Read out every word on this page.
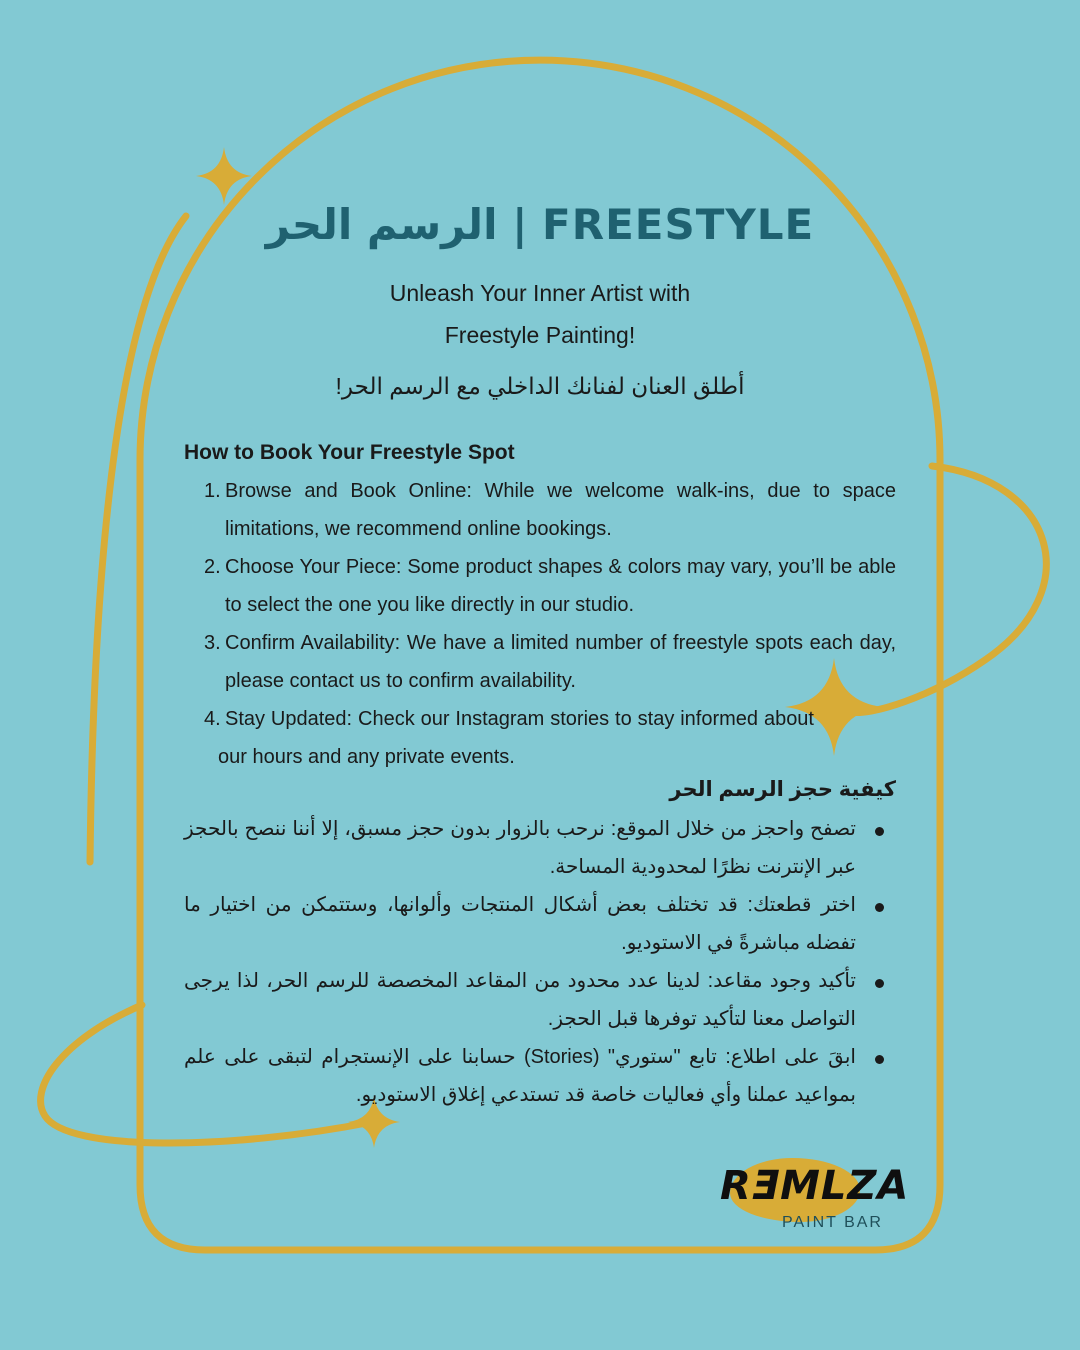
الرسم الحر | FREESTYLE
Unleash Your Inner Artist with
Freestyle Painting!
أطلق العنان لفنانك الداخلي مع الرسم الحر!
How to Book Your Freestyle Spot
1. Browse and Book Online: While we welcome walk-ins, due to space limitations, we recommend online bookings.
2. Choose Your Piece: Some product shapes & colors may vary, you’ll be able to select the one you like directly in our studio.
3. Confirm Availability: We have a limited number of freestyle spots each day, please contact us to confirm availability.
4. Stay Updated: Check our Instagram stories to stay informed about our hours and any private events.
كيفية حجز الرسم الحر
تصفح واحجز من خلال الموقع: نرحب بالزوار بدون حجز مسبق، إلا أننا ننصح بالحجز عبر الإنترنت نظرًا لمحدودية المساحة.
اختر قطعتك: قد تختلف بعض أشكال المنتجات وألوانها، وستتمكن من اختيار ما تفضله مباشرةً في الاستوديو.
تأكيد وجود مقاعد: لدينا عدد محدود من المقاعد المخصصة للرسم الحر، لذا يرجى التواصل معنا لتأكيد توفرها قبل الحجز.
ابقَ على اطلاع: تابع "ستوري" (Stories) حسابنا على الإنستجرام لتبقى على علم بمواعيد عملنا وأي فعاليات خاصة قد تستدعي إغلاق الاستوديو.
RƎMLZA
PAINT BAR
